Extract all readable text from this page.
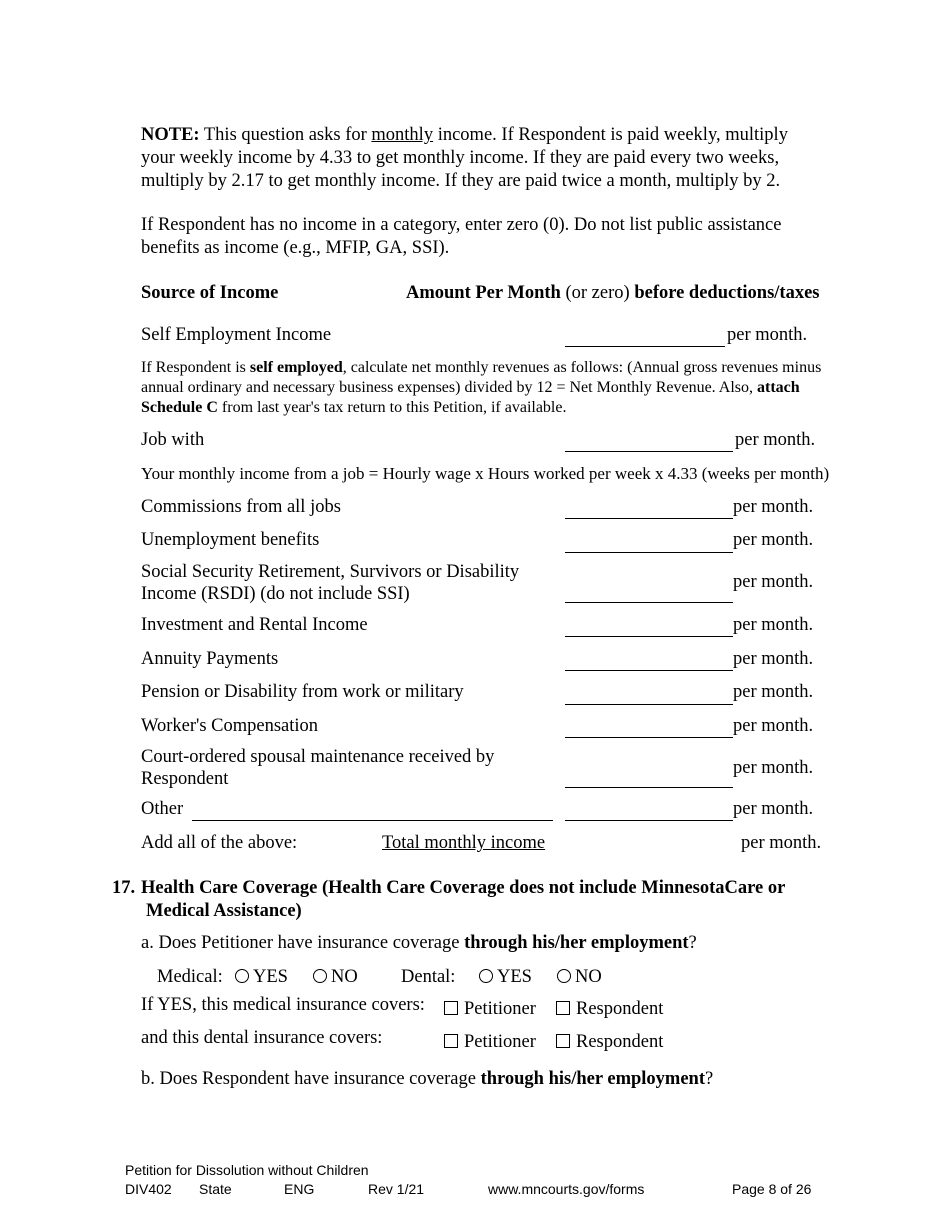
NOTE: This question asks for monthly income. If Respondent is paid weekly, multiply
your weekly income by 4.33 to get monthly income. If they are paid every two weeks,
multiply by 2.17 to get monthly income. If they are paid twice a month, multiply by 2.
If Respondent has no income in a category, enter zero (0). Do not list public assistance
benefits as income (e.g., MFIP, GA, SSI).
Source of Income	Amount Per Month (or zero) before deductions/taxes
Self Employment Income	per month.
If Respondent is self employed, calculate net monthly revenues as follows: (Annual gross revenues minus
annual ordinary and necessary business expenses) divided by 12 = Net Monthly Revenue. Also, attach
Schedule C from last year's tax return to this Petition, if available.
Job with	per month.
Your monthly income from a job = Hourly wage x Hours worked per week x 4.33 (weeks per month)
Commissions from all jobs	per month.
Unemployment benefits	per month.
Social Security Retirement, Survivors or Disability
Income (RSDI) (do not include SSI)
per month.
Investment and Rental Income	per month.
Annuity Payments	per month.
Pension or Disability from work or military	per month.
Worker's Compensation	per month.
Court-ordered spousal maintenance received by
Respondent
per month.
Other	per month.
Add all of the above:	Total monthly income	per month.
17. Health Care Coverage (Health Care Coverage does not include MinnesotaCare or
Medical Assistance)
a. Does Petitioner have insurance coverage through his/her employment?
Medical:	YES	NO Dental:	YES	NO
If YES, this medical insurance covers:	Petitioner	Respondent
and this dental insurance covers:	Petitioner	Respondent
b. Does Respondent have insurance coverage through his/her employment?
Petition for Dissolution without Children
DIV402 State	ENG	Rev 1/21	www.mncourts.gov/forms	Page 8 of 26
